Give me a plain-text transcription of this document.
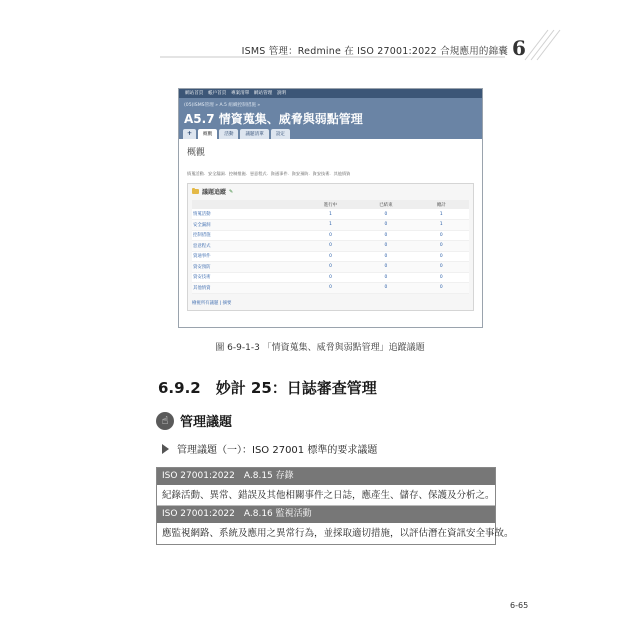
ISMS 管理：Redmine 在 ISO 27001:2022 合規應用的錦囊 6
網站首頁　帳戶首頁　專案清單　網站管理　說明
(05)ISMS管理 » A.5 組織控制措施 »
A5.7 情資蒐集、威脅與弱點管理
+	概觀	活動	議題清單	設定
概觀
情蒐活動．安全漏洞．控制措施．惡意程式．資通事件．資安預防．資安技術．其他情資
議題追蹤 ✎
	進行中	已結束	總計
情蒐活動	1	0	1
安全漏洞	1	0	1
控制措施	0	0	0
惡意程式	0	0	0
資通事件	0	0	0
資安預防	0	0	0
資安技術	0	0	0
其他情資	0	0	0
檢視所有議題 | 摘要
圖 6-9-1-3 「情資蒐集、威脅與弱點管理」追蹤議題
6.9.2　妙計 25：日誌審查管理
☝ 管理議題
管理議題（一）：ISO 27001 標準的要求議題
ISO 27001:2022　A.8.15 存錄
紀錄活動、異常、錯誤及其他相關事件之日誌，應產生、儲存、保護及分析之。
ISO 27001:2022　A.8.16 監視活動
應監視網路、系統及應用之異常行為，並採取適切措施，以評估潛在資訊安全事故。
6-65
